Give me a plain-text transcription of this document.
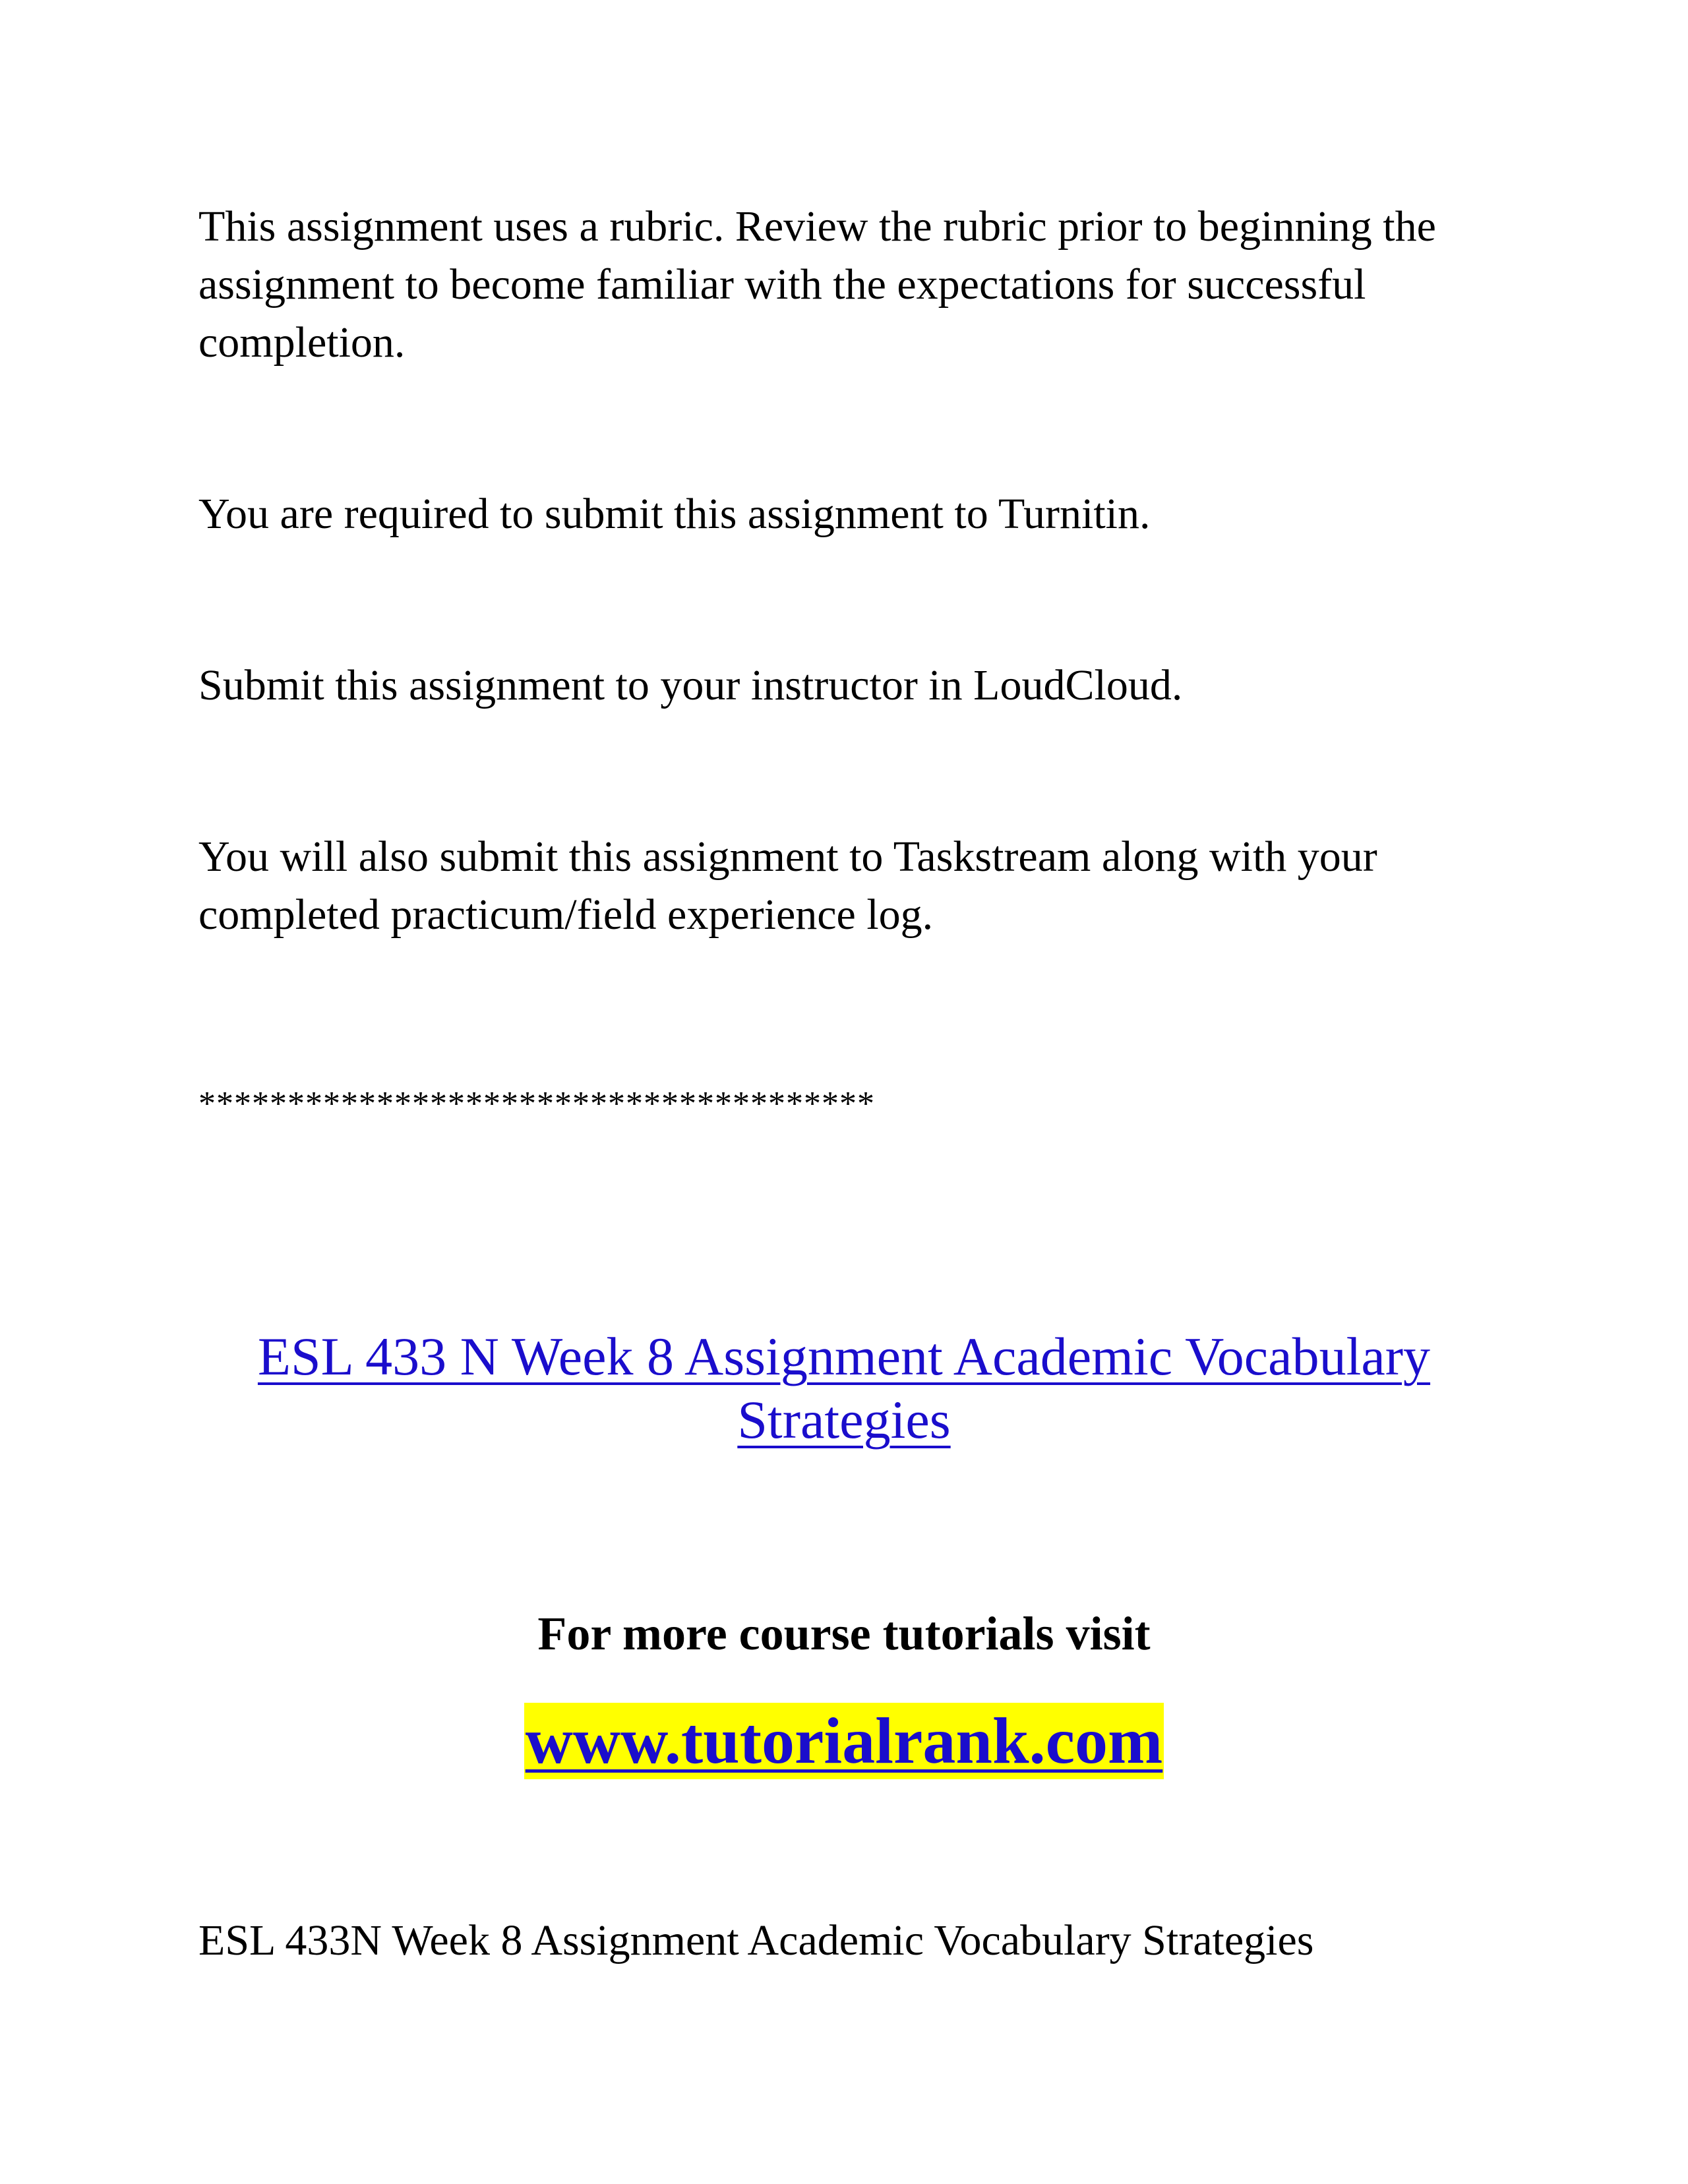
This assignment uses a rubric. Review the rubric prior to beginning the assignment to become familiar with the expectations for successful completion.

You are required to submit this assignment to Turnitin.

Submit this assignment to your instructor in LoudCloud.

You will also submit this assignment to Taskstream along with your completed practicum/field experience log.

**************************************

ESL 433 N Week 8 Assignment Academic Vocabulary Strategies
For more course tutorials visit
www.tutorialrank.com

ESL 433N Week 8 Assignment Academic Vocabulary Strategies
